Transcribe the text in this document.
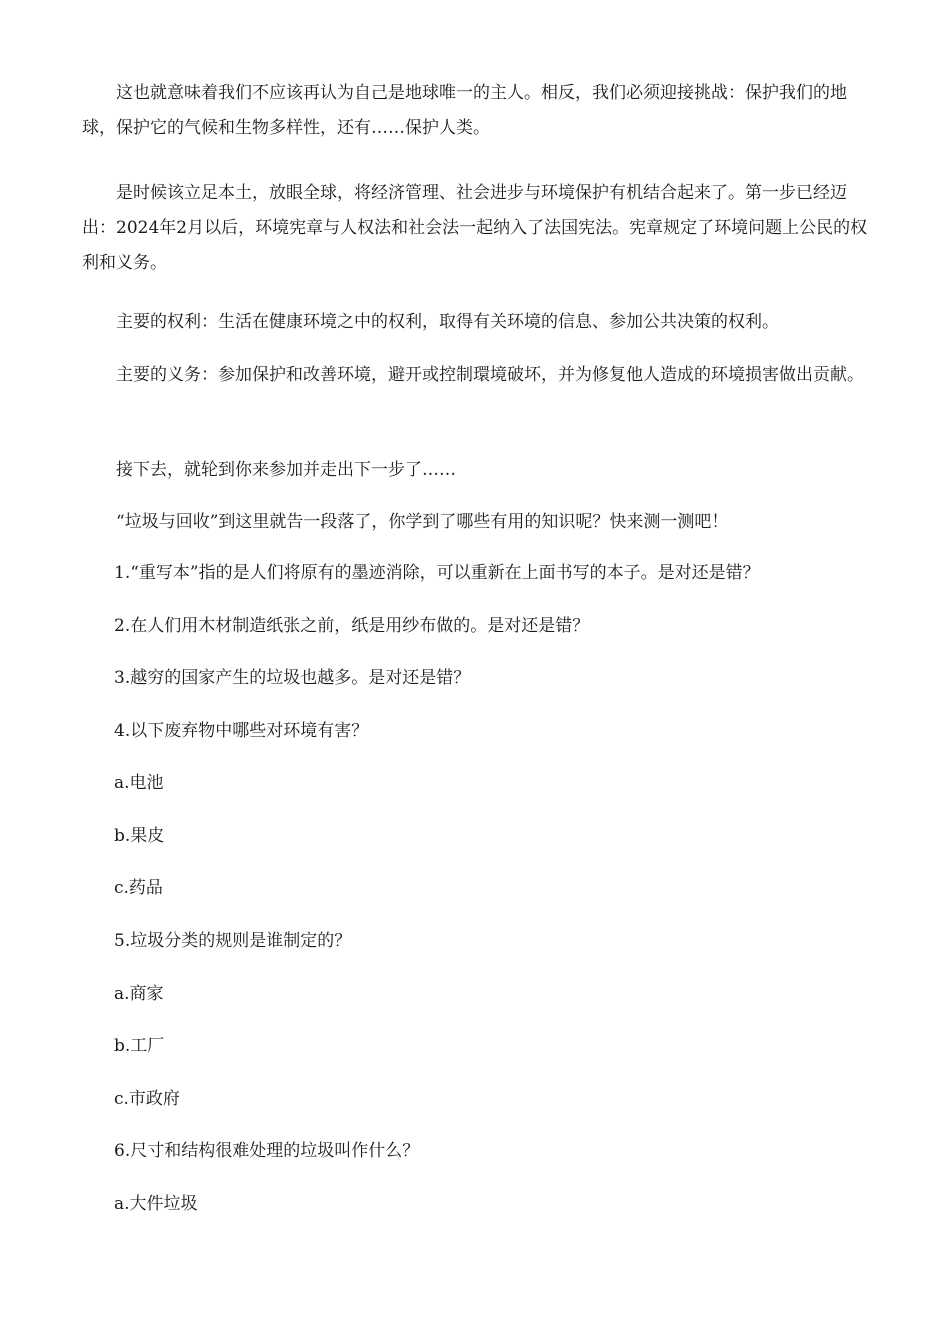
这也就意味着我们不应该再认为自己是地球唯一的主人。相反，我们必须迎接挑战：保护我们的地球，保护它的气候和生物多样性，还有……保护人类。

是时候该立足本土，放眼全球，将经济管理、社会进步与环境保护有机结合起来了。第一步已经迈出：2024年2月以后，环境宪章与人权法和社会法一起纳入了法国宪法。宪章规定了环境问题上公民的权利和义务。

主要的权利：生活在健康环境之中的权利，取得有关环境的信息、参加公共决策的权利。

主要的义务：参加保护和改善环境，避开或控制環境破坏，并为修复他人造成的环境损害做出贡献。

接下去，就轮到你来参加并走出下一步了……

“垃圾与回收”到这里就告一段落了，你学到了哪些有用的知识呢？快来测一测吧！

1.“重写本”指的是人们将原有的墨迹消除，可以重新在上面书写的本子。是对还是错？

2.在人们用木材制造纸张之前，纸是用纱布做的。是对还是错？

3.越穷的国家产生的垃圾也越多。是对还是错？

4.以下废弃物中哪些对环境有害？

a.电池

b.果皮

c.药品

5.垃圾分类的规则是谁制定的？

a.商家

b.工厂

c.市政府

6.尺寸和结构很难处理的垃圾叫作什么？

a.大件垃圾
